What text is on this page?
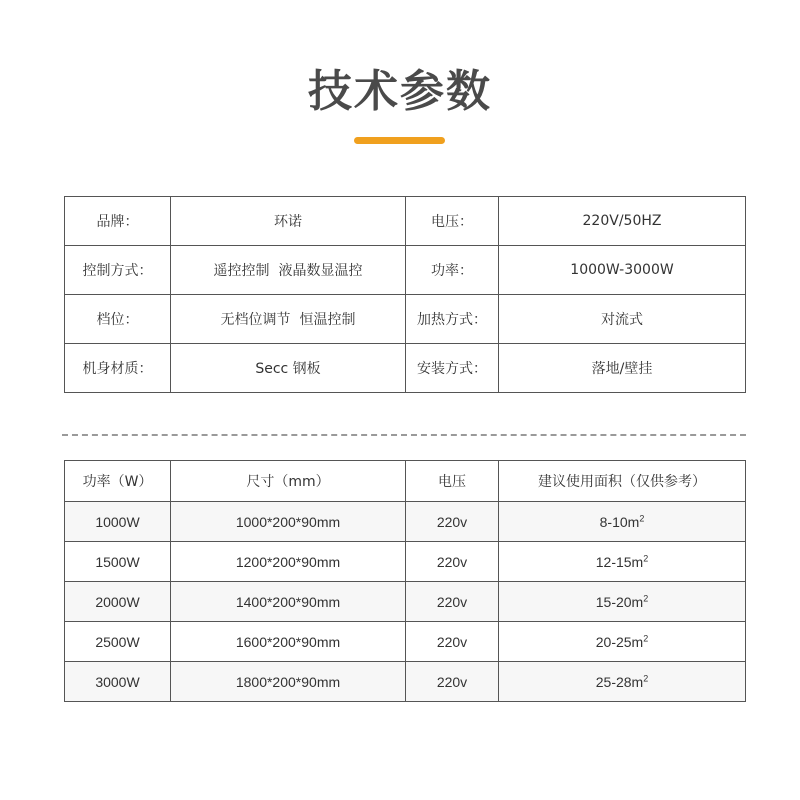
技术参数
品牌：	环诺	电压：	220V/50HZ
控制方式：	遥控控制  液晶数显温控	功率：	1000W-3000W
档位：	无档位调节  恒温控制	加热方式：	对流式
机身材质：	Secc 钢板	安装方式：	落地/壁挂
功率（W）	尺寸（mm）	电压	建议使用面积（仅供参考）
1000W	1000*200*90mm	220v	$8-10m^2$
1500W	1200*200*90mm	220v	$12-15m^2$
2000W	1400*200*90mm	220v	$15-20m^2$
2500W	1600*200*90mm	220v	$20-25m^2$
3000W	1800*200*90mm	220v	$25-28m^2$
